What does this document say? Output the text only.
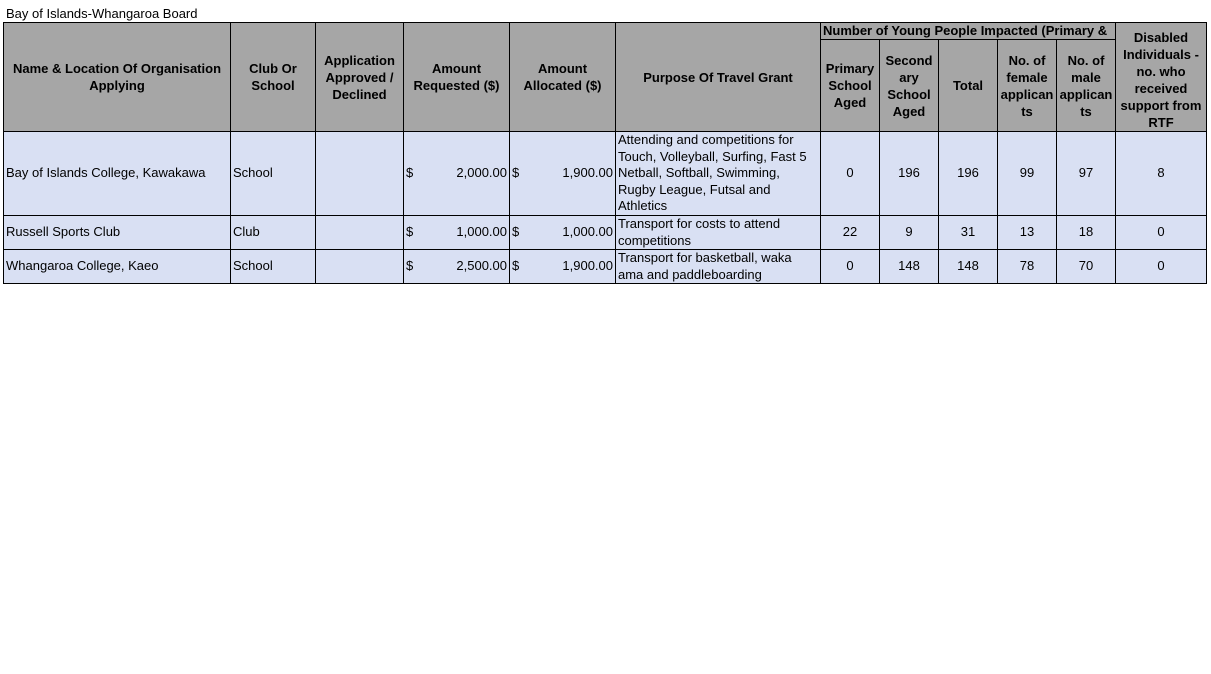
Bay of Islands-Whangaroa Board
Name & Location Of Organisation Applying	Club Or School	Application Approved / Declined	Amount Requested ($)	Amount Allocated ($)	Purpose Of Travel Grant	Number of Young People Impacted (Primary &					Disabled Individuals - no. who received support from RTF
						Primary School Aged	Second ary School Aged	Total	No. of female applican ts	No. of male applican ts	
Bay of Islands College, Kawakawa	School		$ 2,000.00	$ 1,900.00	Attending and competitions for Touch, Volleyball, Surfing, Fast 5 Netball, Softball, Swimming, Rugby League, Futsal and Athletics	0	196	196	99	97	8
Russell Sports Club	Club		$ 1,000.00	$ 1,000.00	Transport for costs to attend competitions	22	9	31	13	18	0
Whangaroa College, Kaeo	School		$ 2,500.00	$ 1,900.00	Transport for basketball, waka ama and paddleboarding	0	148	148	78	70	0
